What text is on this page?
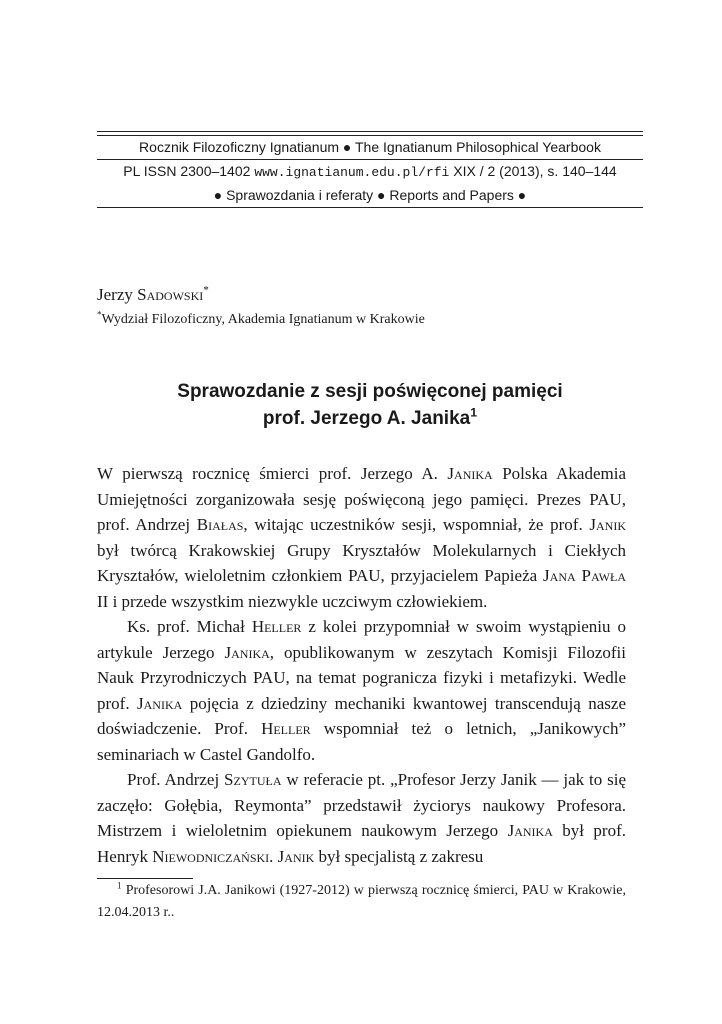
Rocznik Filozoficzny Ignatianum ● The Ignatianum Philosophical Yearbook
PL ISSN 2300–1402 www.ignatianum.edu.pl/rfi XIX / 2 (2013), s. 140–144
● Sprawozdania i referaty ● Reports and Papers ●
Jerzy Sadowski*
*Wydział Filozoficzny, Akademia Ignatianum w Krakowie
Sprawozdanie z sesji poświęconej pamięci
prof. Jerzego A. Janika$^1$

W pierwszą rocznicę śmierci prof. Jerzego A. Janika Polska Akademia Umiejętności zorganizowała sesję poświęconą jego pamięci. Prezes PAU, prof. Andrzej Białas, witając uczestników sesji, wspomniał, że prof. Janik był twórcą Krakowskiej Grupy Kryształów Molekularnych i Ciekłych Kryształów, wieloletnim członkiem PAU, przyjacielem Papieża Jana Pawła II i przede wszystkim niezwykle uczciwym człowiekiem.

Ks. prof. Michał Heller z kolei przypomniał w swoim wystąpieniu o artykule Jerzego Janika, opublikowanym w zeszytach Komisji Filozofii Nauk Przyrodniczych PAU, na temat pogranicza fizyki i metafizyki. Wedle prof. Janika pojęcia z dziedziny mechaniki kwantowej transcendują nasze doświadczenie. Prof. Heller wspomniał też o letnich, „Janikowych” seminariach w Castel Gandolfo.

Prof. Andrzej Szytuła w referacie pt. „Profesor Jerzy Janik — jak to się zaczęło: Gołębia, Reymonta” przedstawił życiorys naukowy Profesora. Mistrzem i wieloletnim opiekunem naukowym Jerzego Janika był prof. Henryk Niewodniczański. Janik był specjalistą z zakresu

$^1$ Profesorowi J.A. Janikowi (1927-2012) w pierwszą rocznicę śmierci, PAU w Krakowie, 12.04.2013 r..
